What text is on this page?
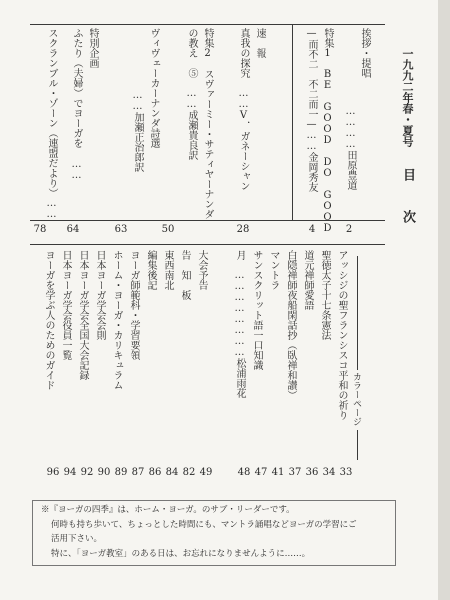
一九九二年春・夏号
目　次
挨拶・提唱
…………田原豊道
2
特集1　BE GOOD DO GOOD
—而不二　不二而一—……金岡秀友
4
速　報
真我の探究　……V．ガネーシャン
28
特集2　スヴァーミー・サティヤーナンダ
の教え　⑤　……成瀬貴良訳
50
ヴィヴェーカーナンダ詩選
……加瀬正治郎訳
63
特別企画
ふたり（夫婦）でヨーガを ……
64
スクランブル・ゾーン（連盟だより）……
78
カラーページ
アッシジの聖フランシスコ平和の祈り
聖徳太子十七条憲法
道元禅師愛語
白隠禅師夜船閑話抄（臥禅和讃）
マントラ
サンスクリット語一口知識
月　……………………松浦雨花
33
34
36
37
41
47
48
大会予告
告　知　板
東西南北
編集後記
ヨーガ師範科・学習要領
ホーム・ヨーガ・カリキュラム
日本ヨーガ学会会則
日本ヨーガ学会全国大会記録
日本ヨーガ学会役員一覧
ヨーガを学ぶ人のためのガイド
49
82
84
86
87
89
90
92
94
96
※『ヨーガの四季』は、ホーム・ヨーガ。のサブ・リーダーです。
何時も持ち歩いて、ちょっとした時間にも、マントラ誦唱などヨーガの学習にご
活用下さい。
特に、「ヨーガ教室」のある日は、お忘れになりませんように……。
